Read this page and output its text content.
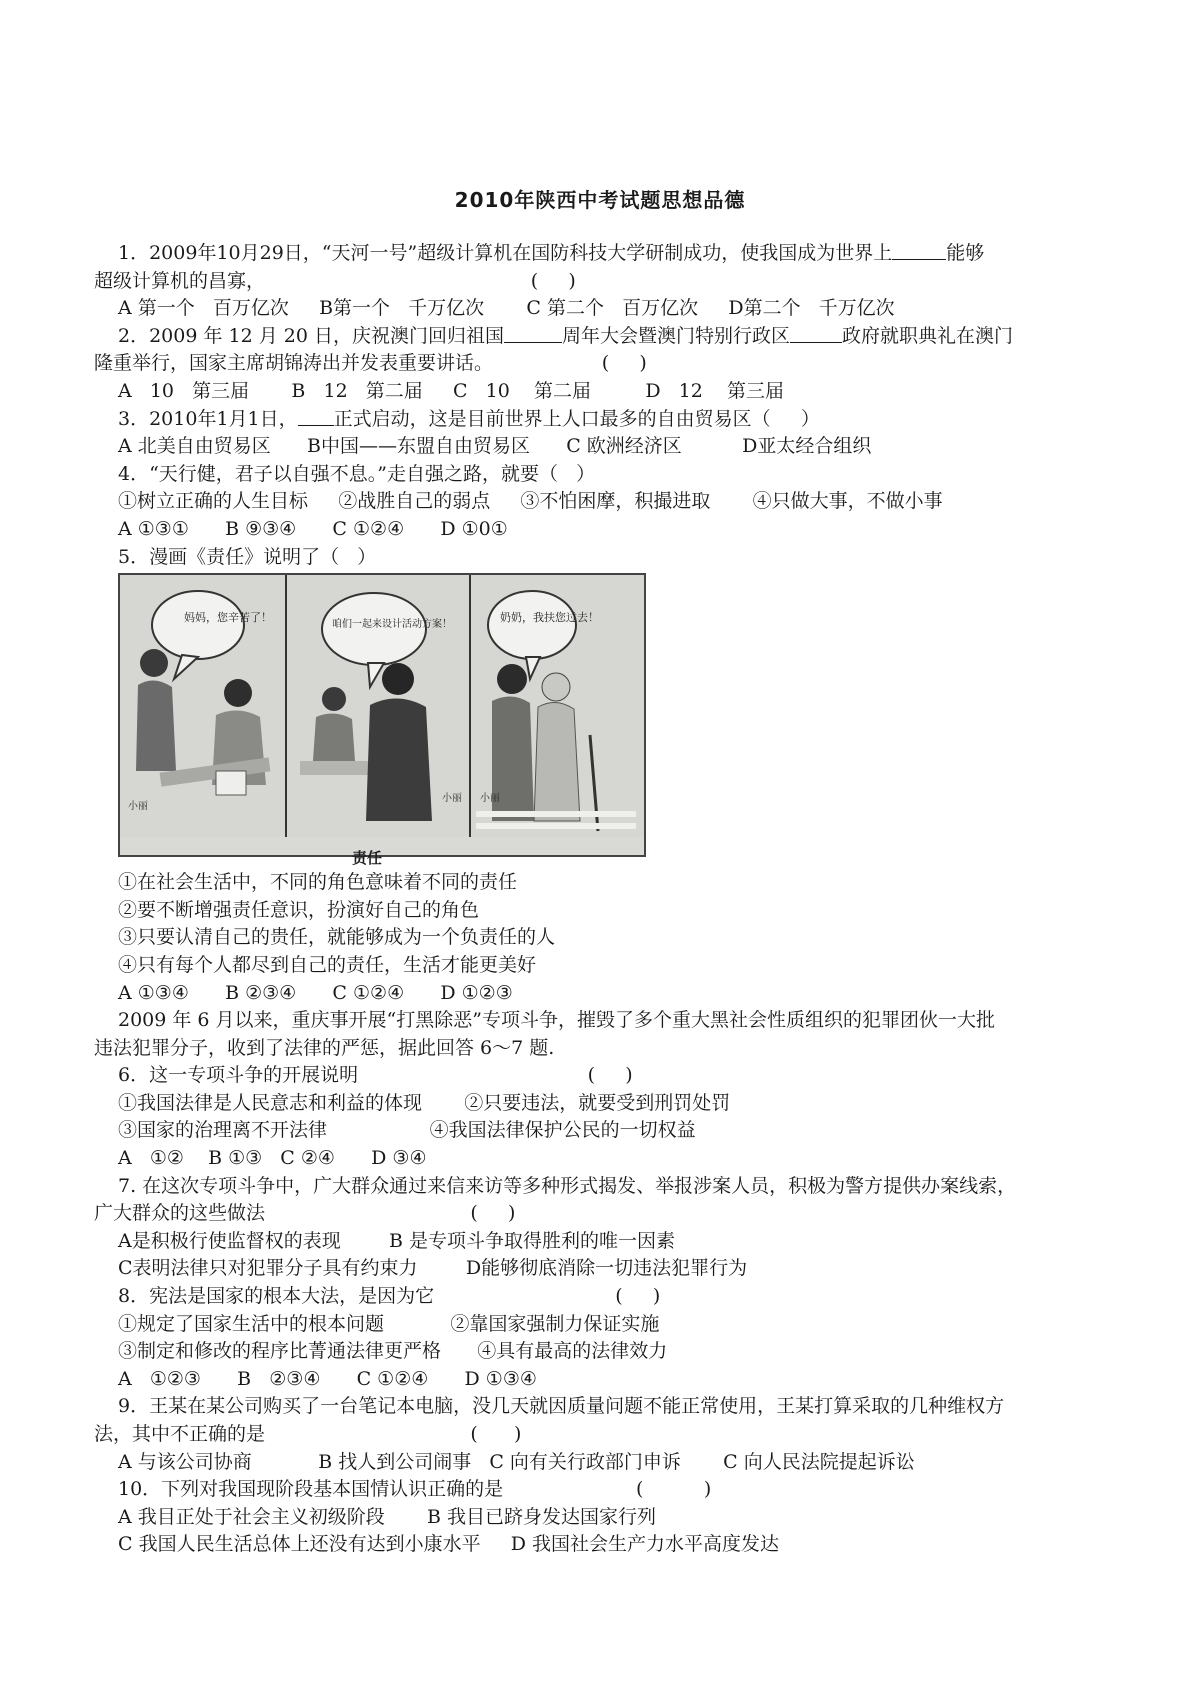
2010年陕西中考试题思想品德
1．2009年10月29日，“天河一号”超级计算机在国防科技大学研制成功，使我国成为世界上	能够
超级计算机的昌寡，                                            (     )
A 第一个   百万亿次     B第一个   千万亿次       C 第二个   百万亿次     D第二个   千万亿次
2．2009 年 12 月 20 日，庆祝澳门回归祖国	周年大会暨澳门特别行政区	政府就职典礼在澳门
隆重举行，国家主席胡锦涛出并发表重要讲话。                  (     )
A   10   第三届       B   12   第二届     C   10    第二届         D   12    第三届
3．2010年1月1日， 正式启动，这是目前世界上人口最多的自由贸易区（     ）
A 北美自由贸易区      B中国——东盟自由贸易区      C 欧洲经济区          D亚太经合组织
4．“天行健，君子以自强不息。”走自强之路，就要（   ）
①树立正确的人生目标     ②战胜自己的弱点     ③不怕困摩，积撮进取       ④只做大事，不做小事
A ①③①      B ⑨③④      C ①②④      D ①0①
5．漫画《责任》说明了（   ）
妈妈，您辛苦了！
咱们一起来设计活动方案！
奶奶，我扶您过去！
小丽
小丽 小丽
责任
①在社会生活中，不同的角色意味着不同的责任
②要不断增强责任意识，扮演好自己的角色
③只要认清自己的贵任，就能够成为一个负责任的人
④只有每个人都尽到自己的责任，生活才能更美好
A ①③④      B ②③④      C ①②④      D ①②③
2009 年 6 月以来，重庆事开展“打黑除恶”专项斗争，摧毁了多个重大黑社会性质组织的犯罪团伙一大批
违法犯罪分子，收到了法律的严惩，据此回答 6～7 题.
6．这一专项斗争的开展说明                                      (     )
①我国法律是人民意志和利益的体现       ②只要违法，就要受到刑罚处罚
③国家的治理离不开法律                 ④我国法律保护公民的一切权益
A   ①②    B ①③   C ②④      D ③④
7. 在这次专项斗争中，广大群众通过来信来访等多种形式揭发、举报涉案人员，积极为警方提供办案线索，
广大群众的这些做法                                  (     )
A是积极行使监督权的表现        B 是专项斗争取得胜利的唯一因素
C表明法律只对犯罪分子具有约束力        D能够彻底消除一切违法犯罪行为
8．宪法是国家的根本大法，是因为它                              (     )
①规定了国家生活中的根本问题           ②靠国家强制力保证实施
③制定和修改的程序比菁通法律更严格      ④具有最高的法律效力
A   ①②③      B   ②③④      C ①②④      D ①③④
9．王某在某公司购买了一台笔记本电脑，没几天就因质量问题不能正常使用，王某打算采取的几种维权方
法，其中不正确的是                                  (      )
A 与该公司协商           B 找人到公司闹事   C 向有关行政部门申诉       C 向人民法院提起诉讼
10．下列对我国现阶段基本国情认识正确的是                      (          )
A 我目正处于社会主义初级阶段       B 我目已跻身发达国家行列
C 我国人民生活总体上还没有达到小康水平     D 我国社会生产力水平高度发达
